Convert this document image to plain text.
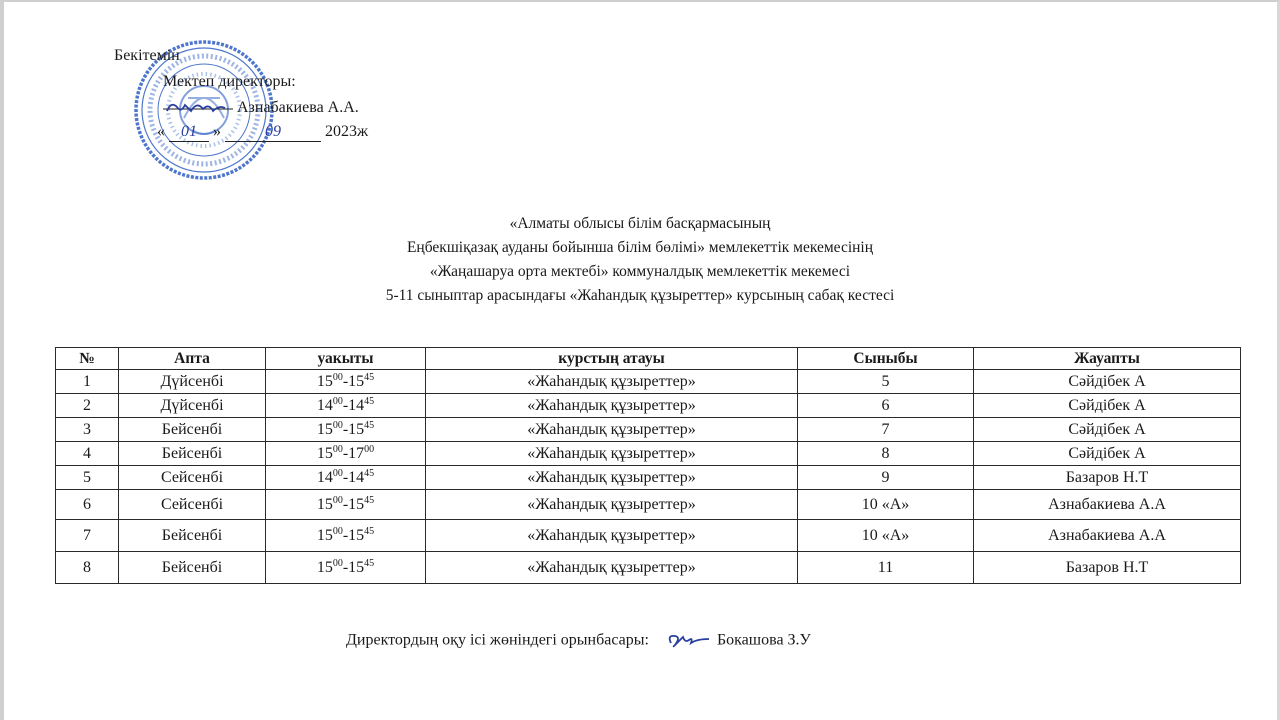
Бекітемін
Мектеп директоры:
Азнабакиева А.А.
« 01 »	09	2023ж
«Алматы облысы білім басқармасының
Еңбекшіқазақ ауданы бойынша білім бөлімі» мемлекеттік мекемесінің
«Жаңашаруа орта мектебі» коммуналдық мемлекеттік мекемесі
5-11 сыныптар арасындағы «Жаһандық құзыреттер» курсының сабақ кестесі
№	Апта	уакыты	курстың атауы	Сыныбы	Жауапты
1	Дүйсенбі	$15^{00}-15^{45}$	«Жаһандық құзыреттер»	5	Сәйдібек А
2	Дүйсенбі	$14^{00}-14^{45}$	«Жаһандық құзыреттер»	6	Сәйдібек А
3	Бейсенбі	$15^{00}-15^{45}$	«Жаһандық құзыреттер»	7	Сәйдібек А
4	Бейсенбі	$15^{00}-17^{00}$	«Жаһандық құзыреттер»	8	Сәйдібек А
5	Сейсенбі	$14^{00}-14^{45}$	«Жаһандық құзыреттер»	9	Базаров Н.Т
6	Сейсенбі	$15^{00}-15^{45}$	«Жаһандық құзыреттер»	10 «А»	Азнабакиева А.А
7	Бейсенбі	$15^{00}-15^{45}$	«Жаһандық құзыреттер»	10 «А»	Азнабакиева А.А
8	Бейсенбі	$15^{00}-15^{45}$	«Жаһандық құзыреттер»	11	Базаров Н.Т
Директордың оқу ісі жөніндегі орынбасары:	Бокашова З.У
